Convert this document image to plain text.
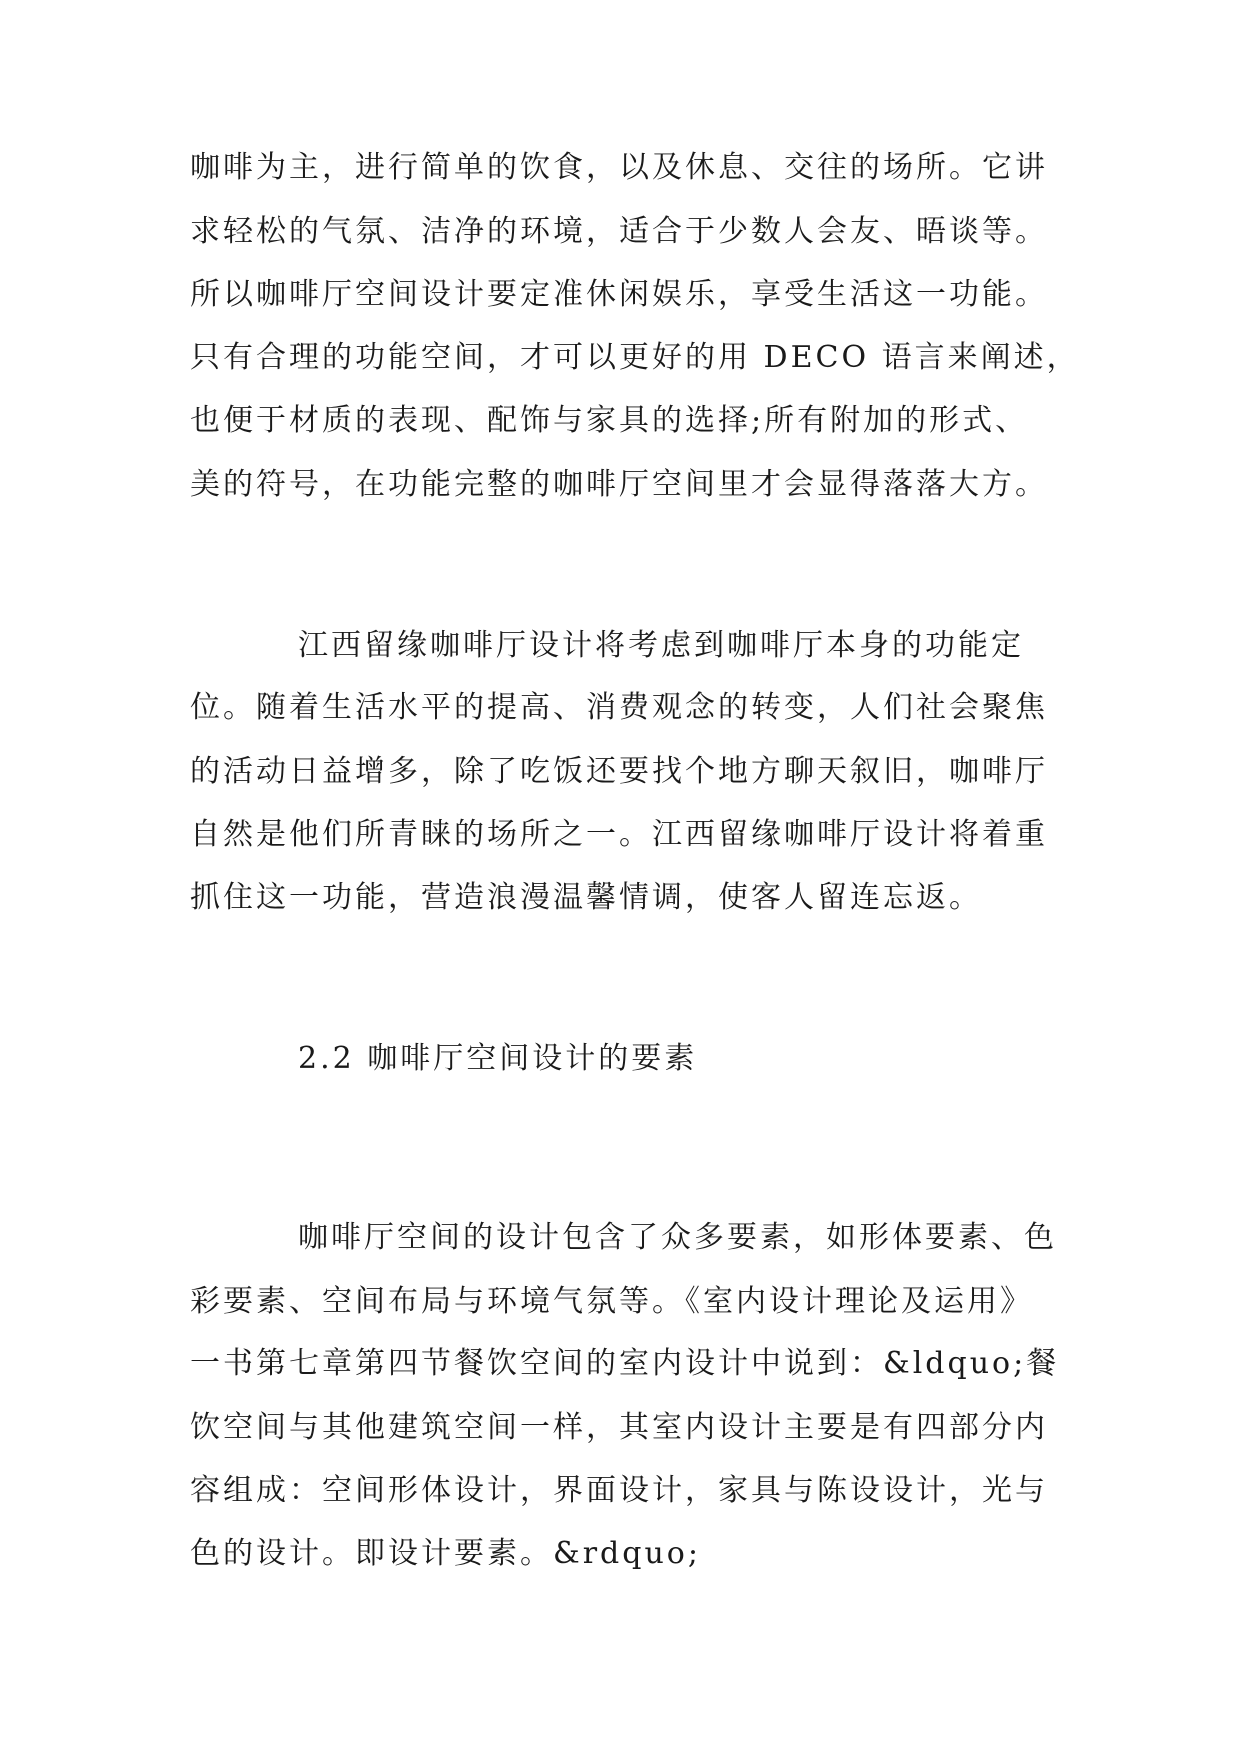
咖啡为主，进行简单的饮食，以及休息、交往的场所。它讲
求轻松的气氛、洁净的环境，适合于少数人会友、晤谈等。
所以咖啡厅空间设计要定准休闲娱乐，享受生活这一功能。
只有合理的功能空间，才可以更好的用 DECO 语言来阐述，
也便于材质的表现、配饰与家具的选择;所有附加的形式、
美的符号，在功能完整的咖啡厅空间里才会显得落落大方。
江西留缘咖啡厅设计将考虑到咖啡厅本身的功能定
位。随着生活水平的提高、消费观念的转变，人们社会聚焦
的活动日益增多，除了吃饭还要找个地方聊天叙旧，咖啡厅
自然是他们所青睐的场所之一。江西留缘咖啡厅设计将着重
抓住这一功能，营造浪漫温馨情调，使客人留连忘返。
2.2 咖啡厅空间设计的要素
咖啡厅空间的设计包含了众多要素，如形体要素、色
彩要素、空间布局与环境气氛等。《室内设计理论及运用》
一书第七章第四节餐饮空间的室内设计中说到：&ldquo;餐
饮空间与其他建筑空间一样，其室内设计主要是有四部分内
容组成：空间形体设计，界面设计，家具与陈设设计，光与
色的设计。即设计要素。&rdquo;
